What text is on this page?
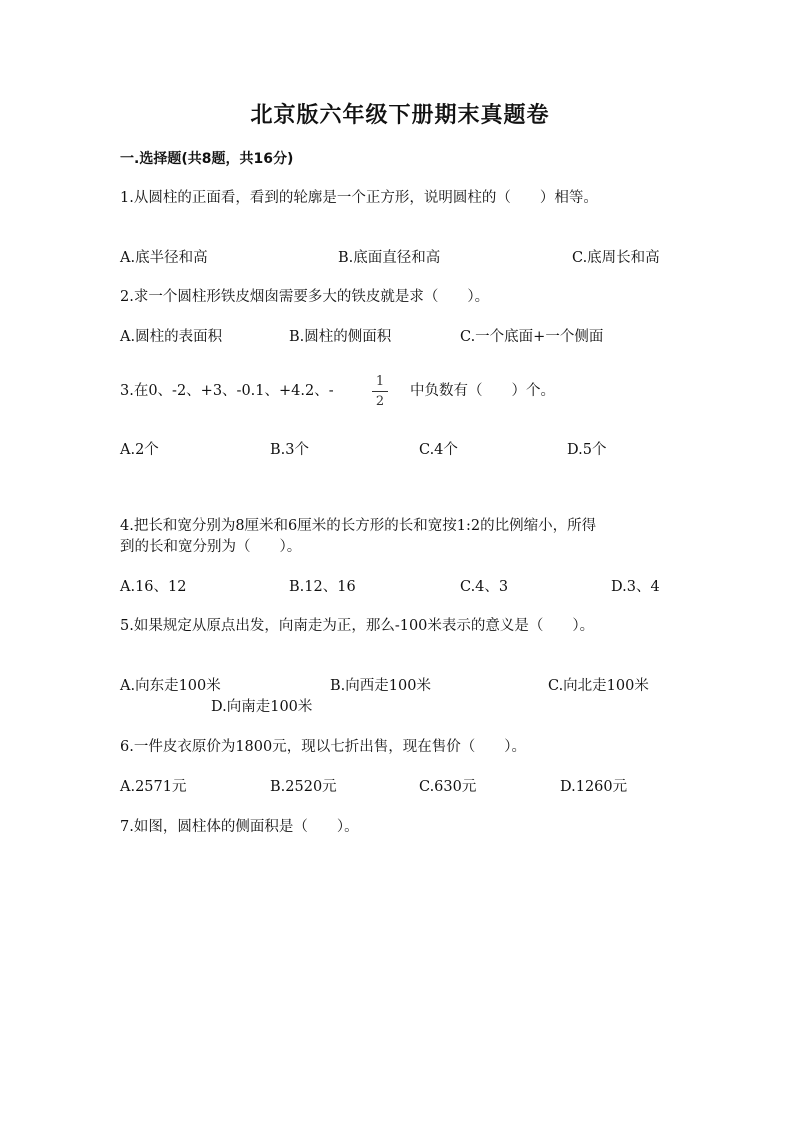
北京版六年级下册期末真题卷
一.选择题(共8题，共16分)
1.从圆柱的正面看，看到的轮廓是一个正方形，说明圆柱的（　　）相等。
A.底半径和高	B.底面直径和高	C.底周长和高
2.求一个圆柱形铁皮烟囱需要多大的铁皮就是求（　　）。
A.圆柱的表面积	B.圆柱的侧面积	C.一个底面+一个侧面
3.在0、-2、+3、-0.1、+4.2、-
1
2
中负数有（　　）个。
A.2个	B.3个	C.4个	D.5个
4.把长和宽分别为8厘米和6厘米的长方形的长和宽按1:2的比例缩小，所得
到的长和宽分别为（　　）。
A.16、12	B.12、16	C.4、3	D.3、4
5.如果规定从原点出发，向南走为正，那么-100米表示的意义是（　　）。
A.向东走100米	B.向西走100米	C.向北走100米
D.向南走100米
6.一件皮衣原价为1800元，现以七折出售，现在售价（　　）。
A.2571元	B.2520元	C.630元	D.1260元
7.如图，圆柱体的侧面积是（　　）。
